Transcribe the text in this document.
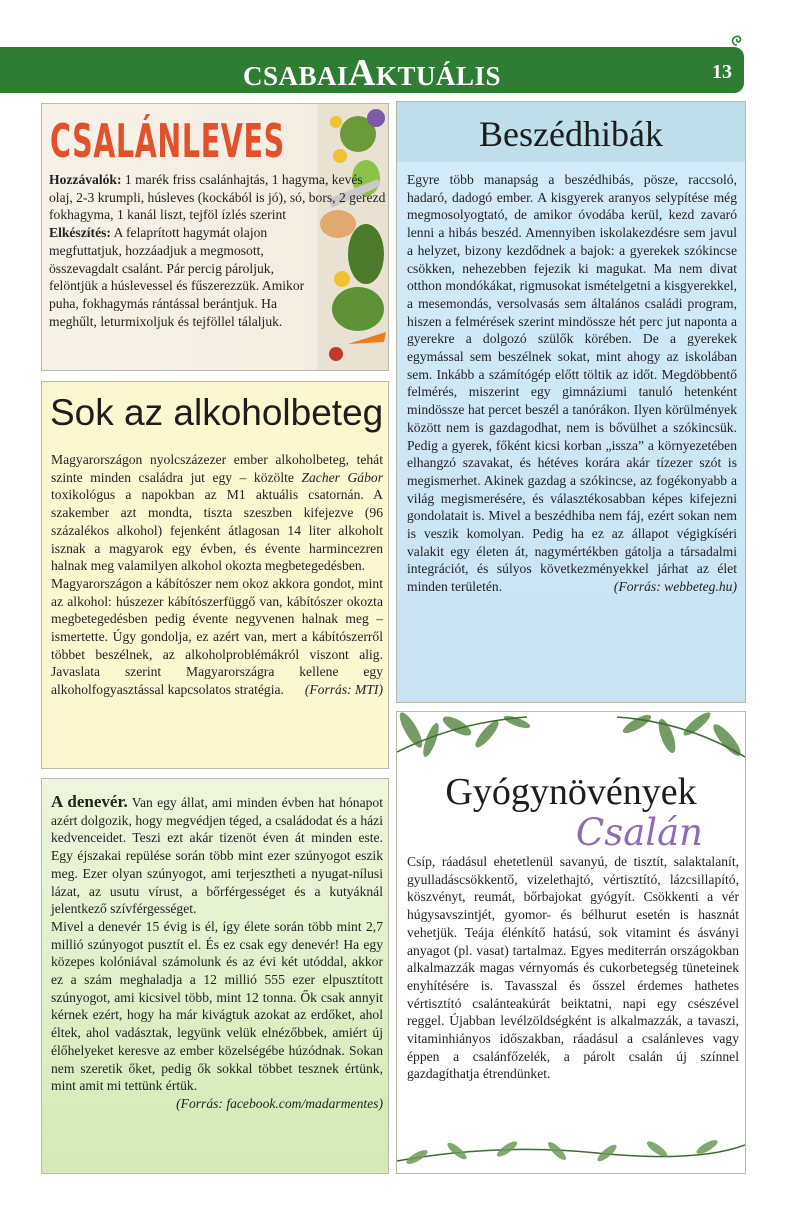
CSABAIAKTUÁLIS	13
CSALÁNLEVES

Hozzávalók: 1 marék friss csalánhajtás, 1 hagyma, kevés olaj, 2-3 krumpli, húsleves (kockából is jó), só, bors, 2 gerezd fokhagyma, 1 kanál liszt, tejföl ízlés szerint

Elkészítés: A felaprított hagymát olajon megfuttatjuk, hozzáadjuk a megmosott, összevagdalt csalánt. Pár percig pároljuk, felöntjük a húslevessel és fűszerezzük. Amikor puha, fokhagymás rántással berántjuk. Ha meghűlt, leturmixoljuk és tejföllel tálaljuk.

Beszédhibák
Egyre több manapság a beszédhibás, pösze, raccsoló, hadaró, dadogó ember. A kisgyerek aranyos selypítése még megmosolyogtató, de amikor óvodába kerül, kezd zavaró lenni a hibás beszéd. Amennyiben iskolakezdésre sem javul a helyzet, bizony kezdődnek a bajok: a gyerekek szókincse csökken, nehezebben fejezik ki magukat. Ma nem divat otthon mondókákat, rigmusokat ismételgetni a kisgyerekkel, a mesemondás, versolvasás sem általános családi program, hiszen a felmérések szerint mindössze hét perc jut naponta a gyerekre a dolgozó szülők körében. De a gyerekek egymással sem beszélnek sokat, mint ahogy az iskolában sem. Inkább a számítógép előtt töltik az időt. Megdöbbentő felmérés, miszerint egy gimnáziumi tanuló hetenként mindössze hat percet beszél a tanórákon. Ilyen körülmények között nem is gazdagodhat, nem is bővülhet a szókincsük. Pedig a gyerek, főként kicsi korban „issza” a környezetében elhangzó szavakat, és hétéves korára akár tízezer szót is megismerhet. Akinek gazdag a szókincse, az fogékonyabb a világ megismerésére, és választékosabban képes kifejezni gondolatait is. Mivel a beszédhiba nem fáj, ezért sokan nem is veszik komolyan. Pedig ha ez az állapot végigkíséri valakit egy életen át, nagymértékben gátolja a társadalmi integrációt, és súlyos következményekkel járhat az élet minden területén.	(Forrás: webbeteg.hu)
Sok az alkoholbeteg

Magyarországon nyolcszázezer ember alkoholbeteg, tehát szinte minden családra jut egy – közölte Zacher Gábor toxikológus a napokban az M1 aktuális csatornán. A szakember azt mondta, tiszta szeszben kifejezve (96 százalékos alkohol) fejenként átlagosan 14 liter alkoholt isznak a magyarok egy évben, és évente harmincezren halnak meg valamilyen alkohol okozta megbetegedésben.

Magyarországon a kábítószer nem okoz akkora gondot, mint az alkohol: húszezer kábítószerfüggő van, kábítószer okozta megbetegedésben pedig évente negyvenen halnak meg – ismertette. Úgy gondolja, ez azért van, mert a kábítószerről többet beszélnek, az alkoholproblémákról viszont alig. Javaslata szerint Magyarországra kellene egy alkoholfogyasztással kapcsolatos stratégia. (Forrás: MTI)

A denevér. Van egy állat, ami minden évben hat hónapot azért dolgozik, hogy megvédjen téged, a családodat és a házi kedvenceidet. Teszi ezt akár tizenöt éven át minden este. Egy éjszakai repülése során több mint ezer szúnyogot eszik meg. Ezer olyan szúnyogot, ami terjesztheti a nyugat-nílusi lázat, az usutu vírust, a bőrférgességet és a kutyáknál jelentkező szívférgességet.

Mivel a denevér 15 évig is él, így élete során több mint 2,7 millió szúnyogot pusztít el. És ez csak egy denevér! Ha egy közepes kolóniával számolunk és az évi két utóddal, akkor ez a szám meghaladja a 12 millió 555 ezer elpusztított szúnyogot, ami kicsivel több, mint 12 tonna. Ők csak annyit kérnek ezért, hogy ha már kivágtuk azokat az erdőket, ahol éltek, ahol vadásztak, legyünk velük elnézőbbek, amiért új élőhelyeket keresve az ember közelségébe húzódnak. Sokan nem szeretik őket, pedig ők sokkal többet tesznek értünk, mint amit mi tettünk értük.

(Forrás: facebook.com/madarmentes)

Gyógynövények
Csalán
Csíp, ráadásul ehetetlenül savanyú, de tisztít, salaktalanít, gyulladáscsökkentő, vizelethajtó, vértisztító, lázcsillapító, köszvényt, reumát, bőrbajokat gyógyít. Csökkenti a vér húgysavszintjét, gyomor- és bélhurut esetén is hasznát vehetjük. Teája élénkítő hatású, sok vitamint és ásványi anyagot (pl. vasat) tartalmaz. Egyes mediterrán országokban alkalmazzák magas vérnyomás és cukorbetegség tüneteinek enyhítésére is. Tavasszal és ősszel érdemes hathetes vértisztító csalánteakúrát beiktatni, napi egy csészével reggel. Újabban levélzöldségként is alkalmazzák, a tavaszi, vitaminhiányos időszakban, ráadásul a csalánleves vagy éppen a csalánfőzelék, a párolt csalán új színnel gazdagíthatja étrendünket.
